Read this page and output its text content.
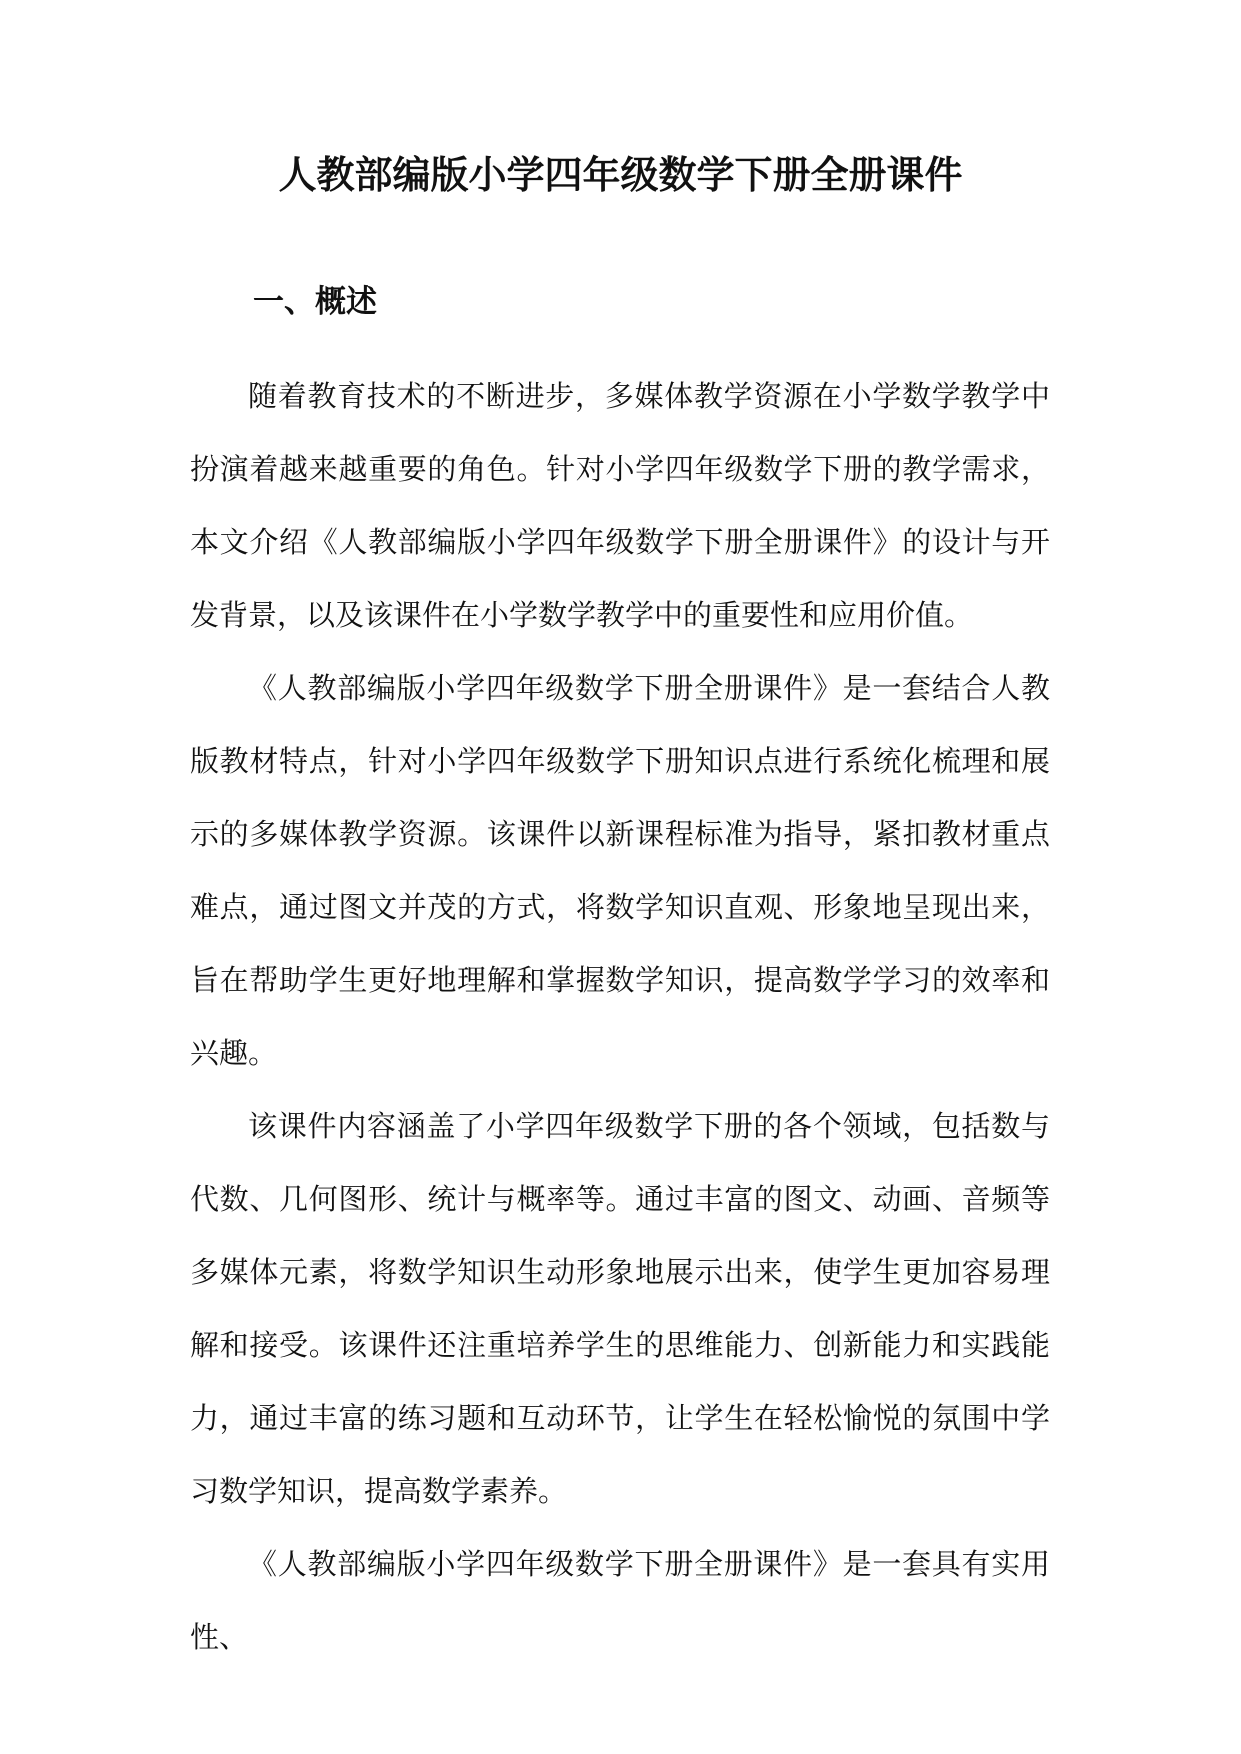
人教部编版小学四年级数学下册全册课件
一、概述

随着教育技术的不断进步，多媒体教学资源在小学数学教学中扮演着越来越重要的角色。针对小学四年级数学下册的教学需求，本文介绍《人教部编版小学四年级数学下册全册课件》的设计与开发背景，以及该课件在小学数学教学中的重要性和应用价值。

《人教部编版小学四年级数学下册全册课件》是一套结合人教版教材特点，针对小学四年级数学下册知识点进行系统化梳理和展示的多媒体教学资源。该课件以新课程标准为指导，紧扣教材重点难点，通过图文并茂的方式，将数学知识直观、形象地呈现出来，旨在帮助学生更好地理解和掌握数学知识，提高数学学习的效率和兴趣。

该课件内容涵盖了小学四年级数学下册的各个领域，包括数与代数、几何图形、统计与概率等。通过丰富的图文、动画、音频等多媒体元素，将数学知识生动形象地展示出来，使学生更加容易理解和接受。该课件还注重培养学生的思维能力、创新能力和实践能力，通过丰富的练习题和互动环节，让学生在轻松愉悦的氛围中学习数学知识，提高数学素养。

《人教部编版小学四年级数学下册全册课件》是一套具有实用性、
